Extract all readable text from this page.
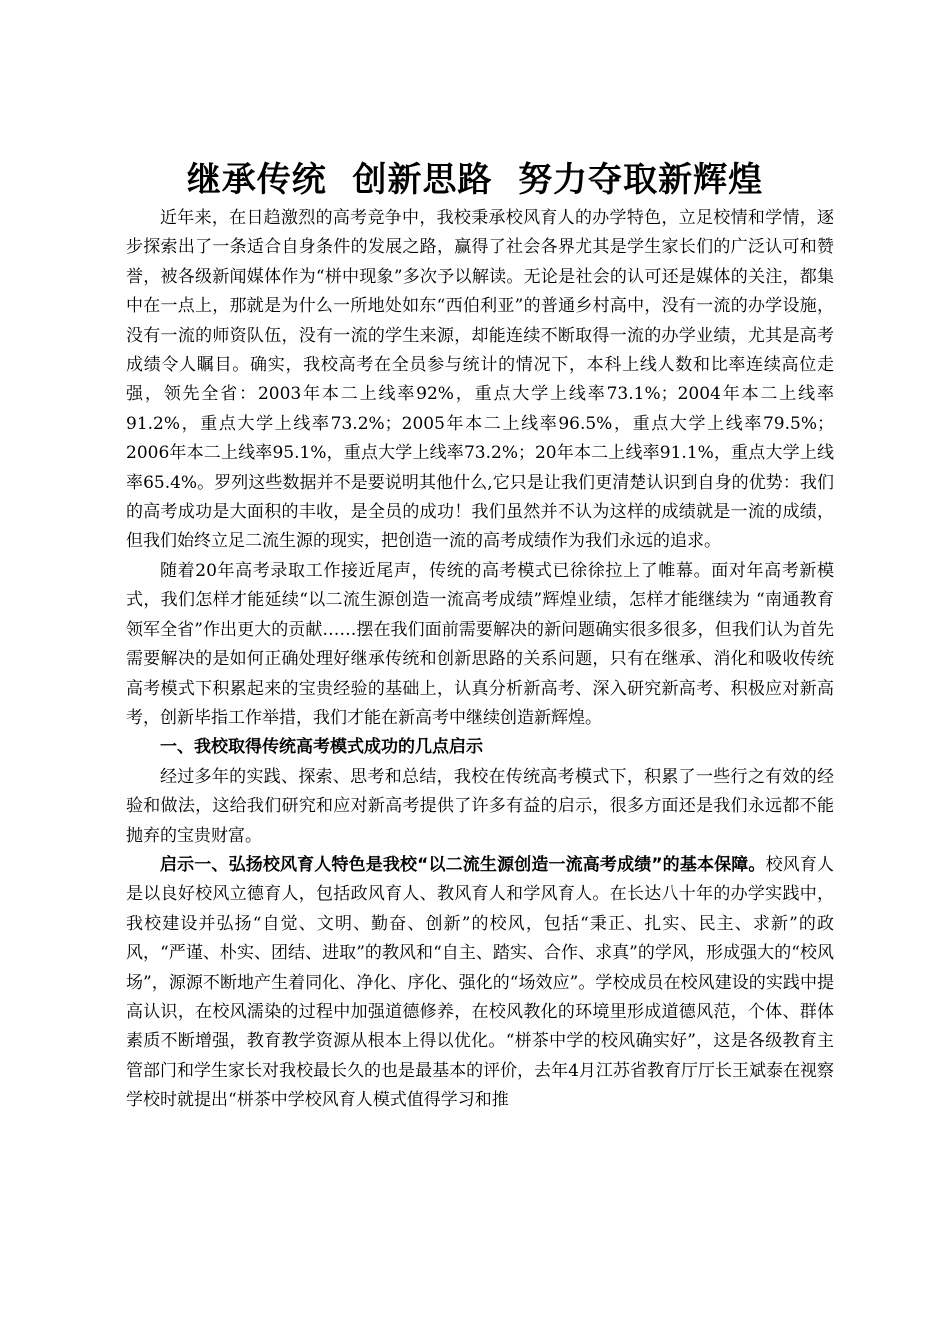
继承传统  创新思路  努力夺取新辉煌

近年来，在日趋激烈的高考竞争中，我校秉承校风育人的办学特色，立足校情和学情，逐步探索出了一条适合自身条件的发展之路，赢得了社会各界尤其是学生家长们的广泛认可和赞誉，被各级新闻媒体作为“栟中现象”多次予以解读。无论是社会的认可还是媒体的关注，都集中在一点上，那就是为什么一所地处如东“西伯利亚”的普通乡村高中，没有一流的办学设施，没有一流的师资队伍，没有一流的学生来源，却能连续不断取得一流的办学业绩，尤其是高考成绩令人瞩目。确实，我校高考在全员参与统计的情况下，本科上线人数和比率连续高位走强，领先全省：2003年本二上线率92%，重点大学上线率73.1%；2004年本二上线率91.2%，重点大学上线率73.2%；2005年本二上线率96.5%，重点大学上线率79.5%；2006年本二上线率95.1%，重点大学上线率73.2%；20年本二上线率91.1%，重点大学上线率65.4%。罗列这些数据并不是要说明其他什么,它只是让我们更清楚认识到自身的优势：我们的高考成功是大面积的丰收，是全员的成功！我们虽然并不认为这样的成绩就是一流的成绩，但我们始终立足二流生源的现实，把创造一流的高考成绩作为我们永远的追求。

随着20年高考录取工作接近尾声，传统的高考模式已徐徐拉上了帷幕。面对年高考新模式，我们怎样才能延续“以二流生源创造一流高考成绩”辉煌业绩，怎样才能继续为 “南通教育领军全省”作出更大的贡献……摆在我们面前需要解决的新问题确实很多很多，但我们认为首先需要解决的是如何正确处理好继承传统和创新思路的关系问题，只有在继承、消化和吸收传统高考模式下积累起来的宝贵经验的基础上，认真分析新高考、深入研究新高考、积极应对新高考，创新毕指工作举措，我们才能在新高考中继续创造新辉煌。

一、我校取得传统高考模式成功的几点启示

经过多年的实践、探索、思考和总结，我校在传统高考模式下，积累了一些行之有效的经验和做法，这给我们研究和应对新高考提供了许多有益的启示，很多方面还是我们永远都不能抛弃的宝贵财富。

启示一、弘扬校风育人特色是我校“以二流生源创造一流高考成绩”的基本保障。校风育人是以良好校风立德育人，包括政风育人、教风育人和学风育人。在长达八十年的办学实践中，我校建设并弘扬“自觉、文明、勤奋、创新”的校风，包括“秉正、扎实、民主、求新”的政风，“严谨、朴实、团结、进取”的教风和“自主、踏实、合作、求真”的学风，形成强大的“校风场”，源源不断地产生着同化、净化、序化、强化的“场效应”。学校成员在校风建设的实践中提高认识，在校风濡染的过程中加强道德修养，在校风教化的环境里形成道德风范，个体、群体素质不断增强，教育教学资源从根本上得以优化。“栟茶中学的校风确实好”，这是各级教育主管部门和学生家长对我校最长久的也是最基本的评价，去年4月江苏省教育厅厅长王斌泰在视察学校时就提出“栟茶中学校风育人模式值得学习和推
